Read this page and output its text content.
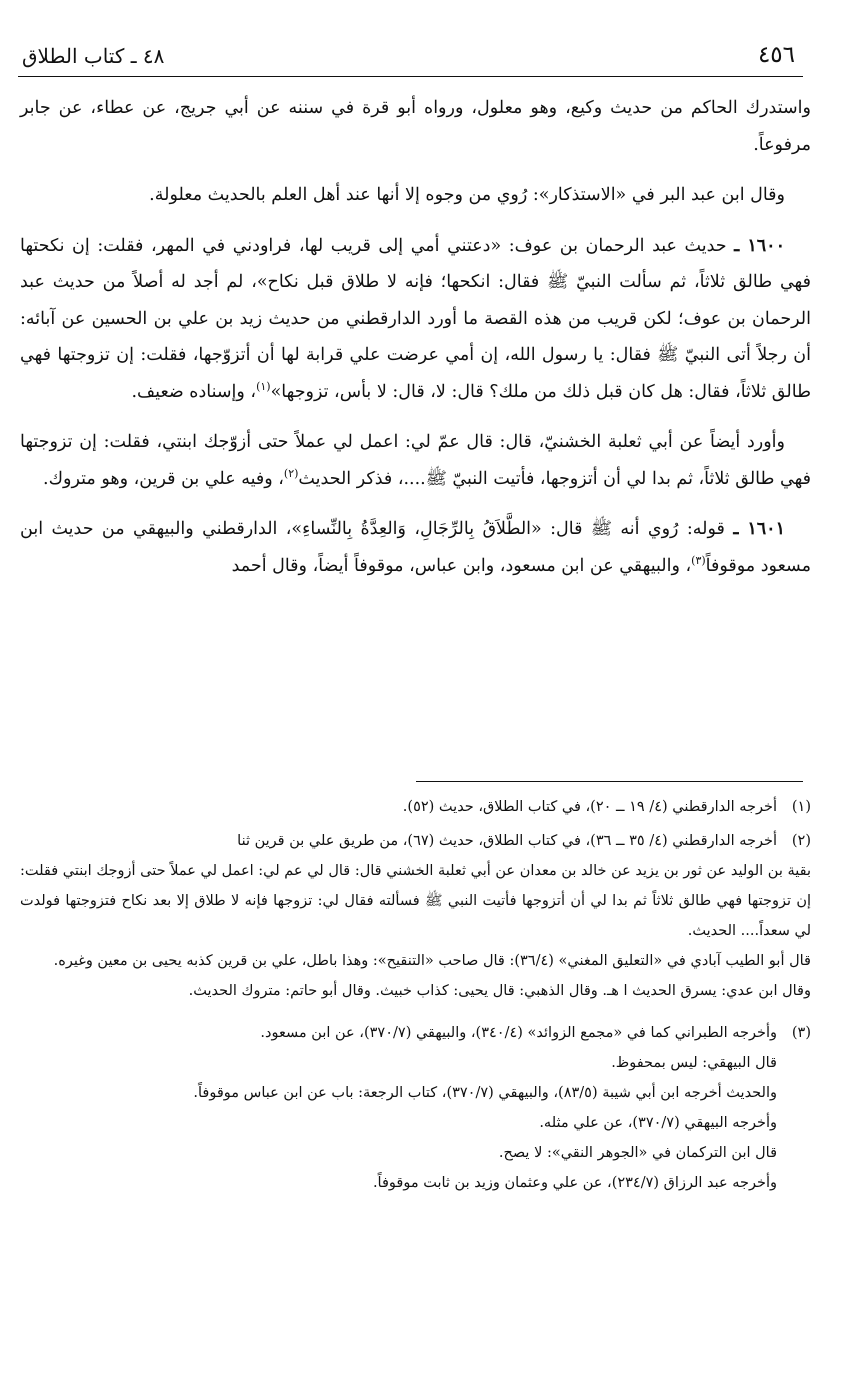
٤٥٦
٤٨ ـ كتاب الطلاق

واستدرك الحاكم من حديث وكيع، وهو معلول، ورواه أبو قرة في سننه عن أبي جريج، عن عطاء، عن جابر مرفوعاً.

وقال ابن عبد البر في «الاستذكار»: رُوي من وجوه إلا أنها عند أهل العلم بالحديث معلولة.

١٦٠٠ ـ حديث عبد الرحمان بن عوف: «دعتني أمي إلى قريب لها، فراودني في المهر، فقلت: إن نكحتها فهي طالق ثلاثاً، ثم سألت النبيّ ﷺ فقال: انكحها؛ فإنه لا طلاق قبل نكاح»، لم أجد له أصلاً من حديث عبد الرحمان بن عوف؛ لكن قريب من هذه القصة ما أورد الدارقطني من حديث زيد بن علي بن الحسين عن آبائه: أن رجلاً أتى النبيّ ﷺ فقال: يا رسول الله، إن أمي عرضت علي قرابة لها أن أتزوّجها، فقلت: إن تزوجتها فهي طالق ثلاثاً، فقال: هل كان قبل ذلك من ملك؟ قال: لا، قال: لا بأس، تزوجها»$^{(١)}$، وإسناده ضعيف.

وأورد أيضاً عن أبي ثعلبة الخشنيّ، قال: قال عمّ لي: اعمل لي عملاً حتى أزوّجك ابنتي، فقلت: إن تزوجتها فهي طالق ثلاثاً، ثم بدا لي أن أتزوجها، فأتيت النبيّ ﷺ....، فذكر الحديث$^{(٢)}$، وفيه علي بن قرين، وهو متروك.

١٦٠١ ـ قوله: رُوي أنه ﷺ قال: «الطَّلاَقُ بِالرِّجَالِ، وَالعِدَّةُ بِالنِّساءِ»، الدارقطني والبيهقي من حديث ابن مسعود موقوفاً$^{(٣)}$، والبيهقي عن ابن مسعود، وابن عباس، موقوفاً أيضاً، وقال أحمد

(١)
أخرجه الدارقطني (٤/ ١٩ ــ ٢٠)، في كتاب الطلاق، حديث (٥٢).
(٢)
أخرجه الدارقطني (٤/ ٣٥ ــ ٣٦)، في كتاب الطلاق، حديث (٦٧)، من طريق علي بن قرين ثنا
بقية بن الوليد عن ثور بن يزيد عن خالد بن معدان عن أبي ثعلبة الخشني قال: قال لي عم لي: اعمل لي عملاً حتى أزوجك ابنتي فقلت: إن تزوجتها فهي طالق ثلاثاً ثم بدا لي أن أتزوجها فأتيت النبي ﷺ فسألته فقال لي: تزوجها فإنه لا طلاق إلا بعد نكاح فتزوجتها فولدت لي سعداً.... الحديث.
قال أبو الطيب آبادي في «التعليق المغني» (٣٦/٤): قال صاحب «التنقيح»: وهذا باطل، علي بن قرين كذبه يحيى بن معين وغيره.
وقال ابن عدي: يسرق الحديث ا هـ. وقال الذهبي: قال يحيى: كذاب خبيث. وقال أبو حاتم: متروك الحديث.
(٣)
وأخرجه الطبراني كما في «مجمع الزوائد» (٣٤٠/٤)، والبيهقي (٣٧٠/٧)، عن ابن مسعود.
قال البيهقي: ليس بمحفوظ.
والحديث أخرجه ابن أبي شيبة (٨٣/٥)، والبيهقي (٣٧٠/٧)، كتاب الرجعة: باب عن ابن عباس موقوفاً.
وأخرجه البيهقي (٣٧٠/٧)، عن علي مثله.
قال ابن التركمان في «الجوهر النقي»: لا يصح.
وأخرجه عبد الرزاق (٢٣٤/٧)، عن علي وعثمان وزيد بن ثابت موقوفاً.
